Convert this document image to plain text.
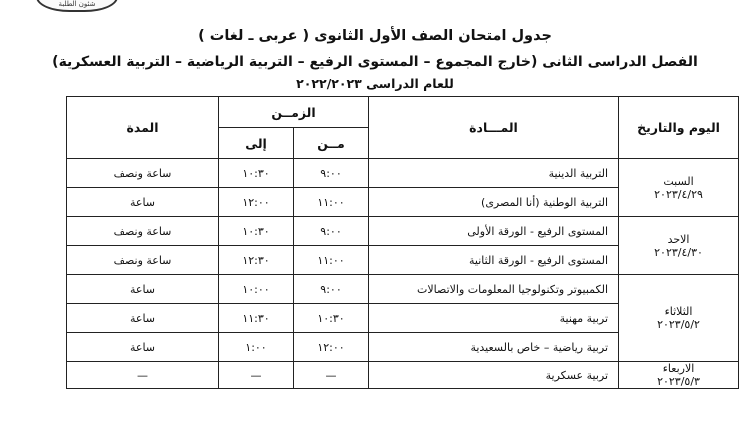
شئون الطلبة
جدول امتحان الصف الأول الثانوى ( عربى ـ لغات )
الفصل الدراسى الثانى (خارج المجموع – المستوى الرفيع – التربية الرياضية – التربية العسكرية)
للعام الدراسى ٢٠٢٢/٢٠٢٣
اليوم والتاريخ	المـــادة	الزمــن		المدة
		مــن	إلى	

السبت
٢٠٢٣/٤/٢٩	التربية الدينية	٩:٠٠	١٠:٣٠	ساعة ونصف
	التربية الوطنية (أنا المصرى)	١١:٠٠	١٢:٠٠	ساعة

الاحد
٢٠٢٣/٤/٣٠	المستوى الرفيع - الورقة الأولى	٩:٠٠	١٠:٣٠	ساعة ونصف
	المستوى الرفيع - الورقة الثانية	١١:٠٠	١٢:٣٠	ساعة ونصف

الثلاثاء
٢٠٢٣/٥/٢	الكمبيوتر وتكنولوجيا المعلومات والاتصالات	٩:٠٠	١٠:٠٠	ساعة
	تربية مهنية	١٠:٣٠	١١:٣٠	ساعة
	تربية رياضية – خاص بالسعيدية	١٢:٠٠	١:٠٠	ساعة

الاربعاء
٢٠٢٣/٥/٣	تربية عسكرية	—	—	—
